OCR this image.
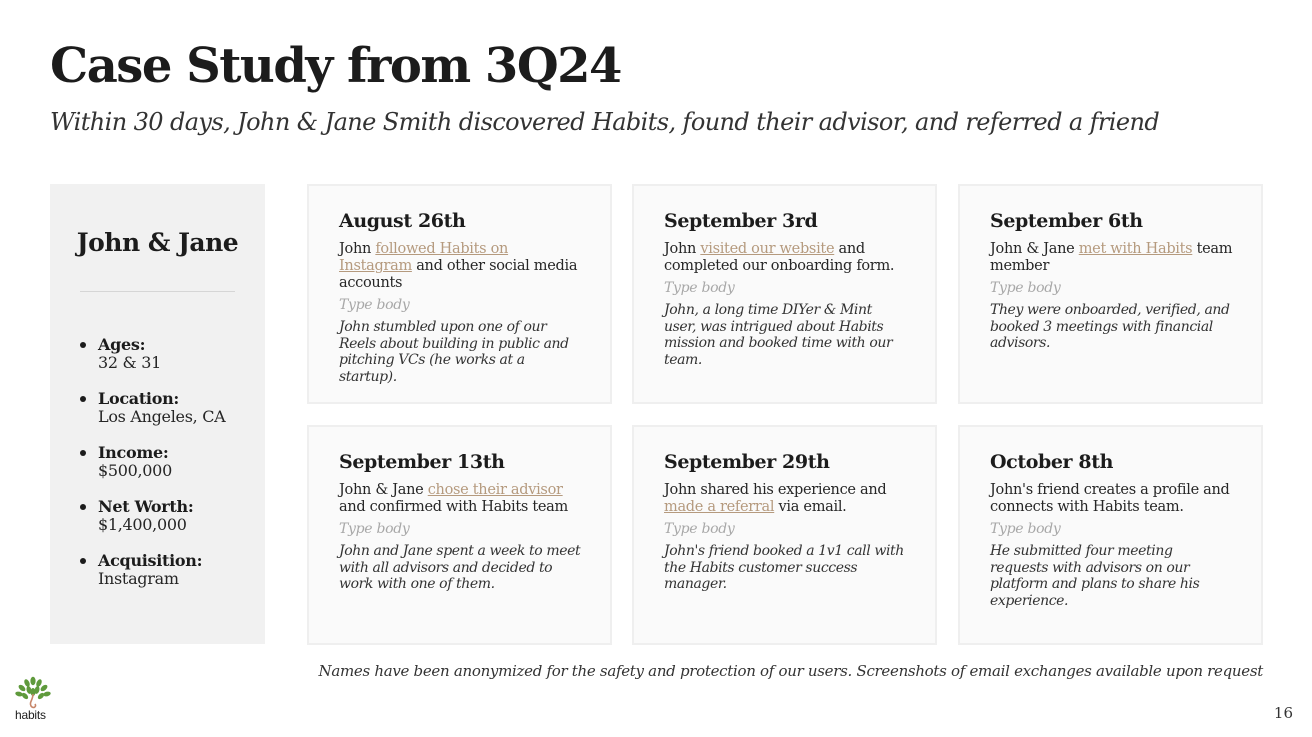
Case Study from 3Q24
Within 30 days, John & Jane Smith discovered Habits, found their advisor, and referred a friend
John & Jane
Ages:
32 & 31
Location:
Los Angeles, CA
Income:
$500,000
Net Worth:
$1,400,000
Acquisition:
Instagram
August 26th
John followed Habits on Instagram and other social media accounts
Type body
John stumbled upon one of our Reels about building in public and pitching VCs (he works at a startup).
September 3rd
John visited our website and completed our onboarding form.
Type body
John, a long time DIYer & Mint user, was intrigued about Habits mission and booked time with our team.
September 6th
John & Jane met with Habits team member
Type body
They were onboarded, verified, and booked 3 meetings with financial advisors.
September 13th
John & Jane chose their advisor and confirmed with Habits team
Type body
John and Jane spent a week to meet with all advisors and decided to work with one of them.
September 29th
John shared his experience and made a referral via email.
Type body
John's friend booked a 1v1 call with the Habits customer success manager.
October 8th
John's friend creates a profile and connects with Habits team.
Type body
He submitted four meeting requests with advisors on our platform and plans to share his experience.
Names have been anonymized for the safety and protection of our users. Screenshots of email exchanges available upon request
habits	16
